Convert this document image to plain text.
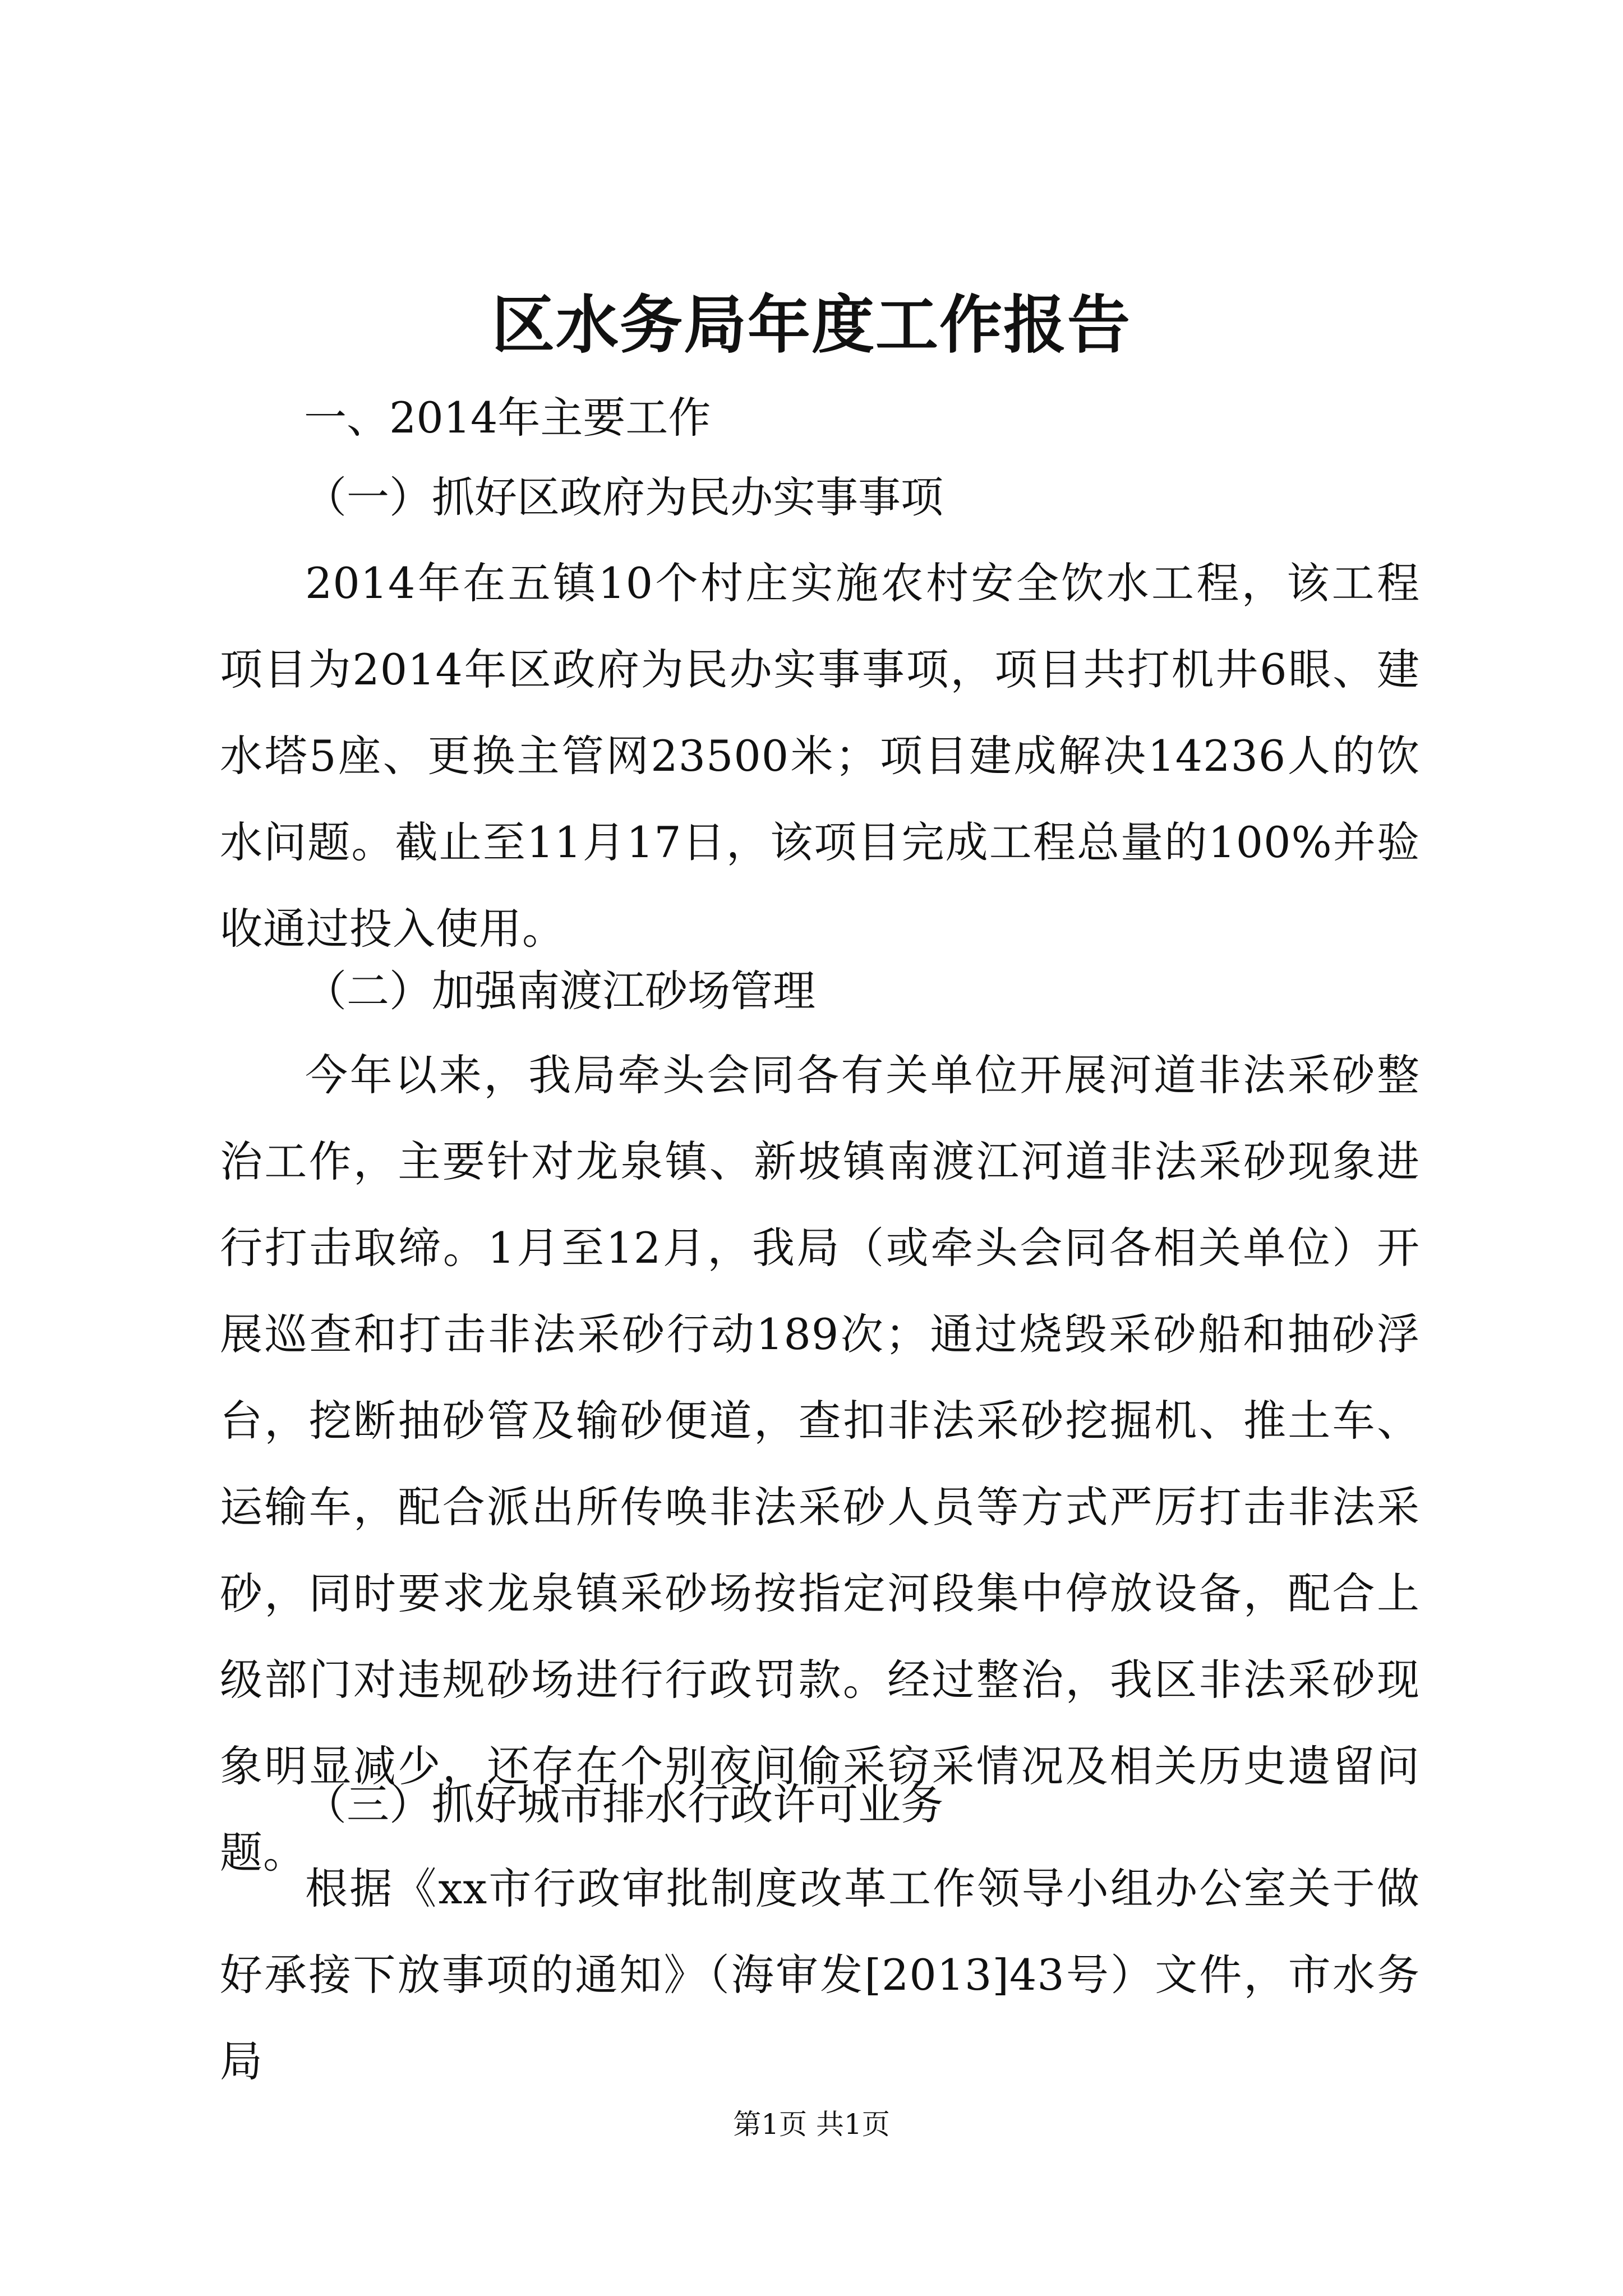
区水务局年度工作报告
一、2014年主要工作
（一）抓好区政府为民办实事事项

2014年在五镇10个村庄实施农村安全饮水工程，该工程项目为2014年区政府为民办实事事项，项目共打机井6眼、建水塔5座、更换主管网23500米；项目建成解决14236人的饮水问题。截止至11月17日，该项目完成工程总量的100%并验收通过投入使用。

（二）加强南渡江砂场管理

今年以来，我局牵头会同各有关单位开展河道非法采砂整治工作，主要针对龙泉镇、新坡镇南渡江河道非法采砂现象进行打击取缔。1月至12月，我局（或牵头会同各相关单位）开展巡查和打击非法采砂行动189次；通过烧毁采砂船和抽砂浮台，挖断抽砂管及输砂便道，查扣非法采砂挖掘机、推土车、运输车，配合派出所传唤非法采砂人员等方式严厉打击非法采砂，同时要求龙泉镇采砂场按指定河段集中停放设备，配合上级部门对违规砂场进行行政罚款。经过整治，我区非法采砂现象明显减少，还存在个别夜间偷采窃采情况及相关历史遗留问题。

（三）抓好城市排水行政许可业务

根据《xx市行政审批制度改革工作领导小组办公室关于做好承接下放事项的通知》（海审发[2013]43号）文件，市水务局

第1页 共1页
